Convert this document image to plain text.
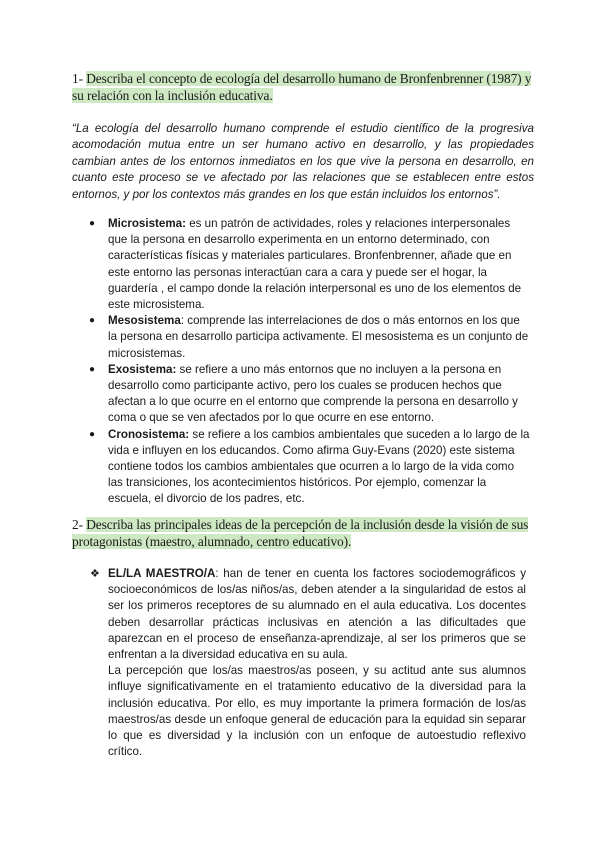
1- Describa el concepto de ecología del desarrollo humano de Bronfenbrenner (1987) y su relación con la inclusión educativa.
“La ecología del desarrollo humano comprende el estudio científico de la progresiva acomodación mutua entre un ser humano activo en desarrollo, y las propiedades cambian antes de los entornos inmediatos en los que vive la persona en desarrollo, en cuanto este proceso se ve afectado por las relaciones que se establecen entre estos entornos, y por los contextos más grandes en los que están incluidos los entornos”.
● Microsistema: es un patrón de actividades, roles y relaciones interpersonales que la persona en desarrollo experimenta en un entorno determinado, con características físicas y materiales particulares. Bronfenbrenner, añade que en este entorno las personas interactúan cara a cara y puede ser el hogar, la guardería , el campo donde la relación interpersonal es uno de los elementos de este microsistema.
● Mesosistema: comprende las interrelaciones de dos o más entornos en los que la persona en desarrollo participa activamente. El mesosistema es un conjunto de microsistemas.
● Exosistema: se refiere a uno más entornos que no incluyen a la persona en desarrollo como participante activo, pero los cuales se producen hechos que afectan a lo que ocurre en el entorno que comprende la persona en desarrollo y coma o que se ven afectados por lo que ocurre en ese entorno.
● Cronosistema: se refiere a los cambios ambientales que suceden a lo largo de la vida e influyen en los educandos. Como afirma Guy-Evans (2020) este sistema contiene todos los cambios ambientales que ocurren a lo largo de la vida como las transiciones, los acontecimientos históricos. Por ejemplo, comenzar la escuela, el divorcio de los padres, etc.
2- Describa las principales ideas de la percepción de la inclusión desde la visión de sus protagonistas (maestro, alumnado, centro educativo).
❖ EL/LA MAESTRO/A: han de tener en cuenta los factores sociodemográficos y socioeconómicos de los/as niños/as, deben atender a la singularidad de estos al ser los primeros receptores de su alumnado en el aula educativa. Los docentes deben desarrollar prácticas inclusivas en atención a las dificultades que aparezcan en el proceso de enseñanza-aprendizaje, al ser los primeros que se enfrentan a la diversidad educativa en su aula.
La percepción que los/as maestros/as poseen, y su actitud ante sus alumnos influye significativamente en el tratamiento educativo de la diversidad para la inclusión educativa. Por ello, es muy importante la primera formación de los/as maestros/as desde un enfoque general de educación para la equidad sin separar lo que es diversidad y la inclusión con un enfoque de autoestudio reflexivo crítico.
